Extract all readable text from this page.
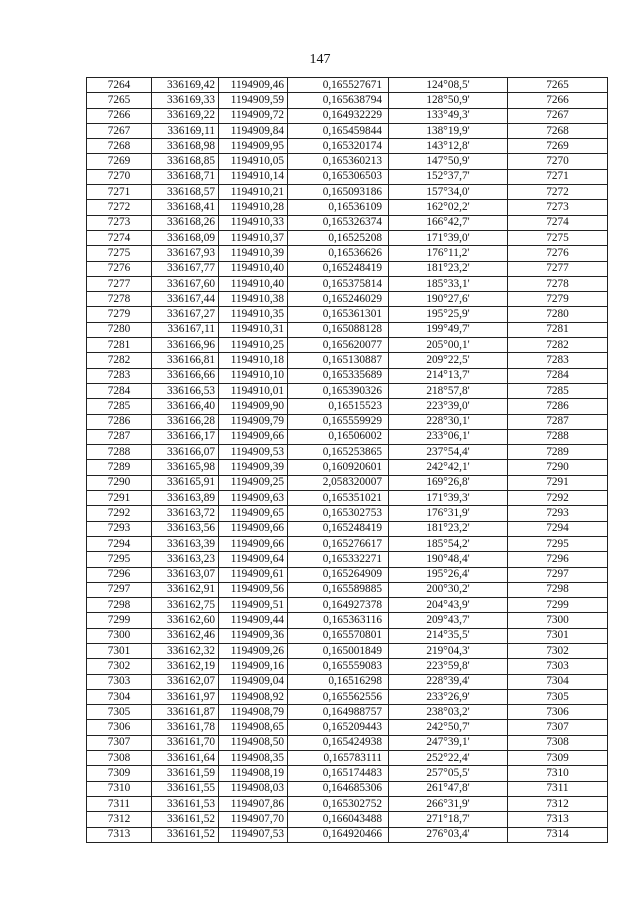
147
7264	336169,42	1194909,46	0,165527671	124°08,5'	7265
7265	336169,33	1194909,59	0,165638794	128°50,9'	7266
7266	336169,22	1194909,72	0,164932229	133°49,3'	7267
7267	336169,11	1194909,84	0,165459844	138°19,9'	7268
7268	336168,98	1194909,95	0,165320174	143°12,8'	7269
7269	336168,85	1194910,05	0,165360213	147°50,9'	7270
7270	336168,71	1194910,14	0,165306503	152°37,7'	7271
7271	336168,57	1194910,21	0,165093186	157°34,0'	7272
7272	336168,41	1194910,28	0,16536109	162°02,2'	7273
7273	336168,26	1194910,33	0,165326374	166°42,7'	7274
7274	336168,09	1194910,37	0,16525208	171°39,0'	7275
7275	336167,93	1194910,39	0,16536626	176°11,2'	7276
7276	336167,77	1194910,40	0,165248419	181°23,2'	7277
7277	336167,60	1194910,40	0,165375814	185°33,1'	7278
7278	336167,44	1194910,38	0,165246029	190°27,6'	7279
7279	336167,27	1194910,35	0,165361301	195°25,9'	7280
7280	336167,11	1194910,31	0,165088128	199°49,7'	7281
7281	336166,96	1194910,25	0,165620077	205°00,1'	7282
7282	336166,81	1194910,18	0,165130887	209°22,5'	7283
7283	336166,66	1194910,10	0,165335689	214°13,7'	7284
7284	336166,53	1194910,01	0,165390326	218°57,8'	7285
7285	336166,40	1194909,90	0,16515523	223°39,0'	7286
7286	336166,28	1194909,79	0,165559929	228°30,1'	7287
7287	336166,17	1194909,66	0,16506002	233°06,1'	7288
7288	336166,07	1194909,53	0,165253865	237°54,4'	7289
7289	336165,98	1194909,39	0,160920601	242°42,1'	7290
7290	336165,91	1194909,25	2,058320007	169°26,8'	7291
7291	336163,89	1194909,63	0,165351021	171°39,3'	7292
7292	336163,72	1194909,65	0,165302753	176°31,9'	7293
7293	336163,56	1194909,66	0,165248419	181°23,2'	7294
7294	336163,39	1194909,66	0,165276617	185°54,2'	7295
7295	336163,23	1194909,64	0,165332271	190°48,4'	7296
7296	336163,07	1194909,61	0,165264909	195°26,4'	7297
7297	336162,91	1194909,56	0,165589885	200°30,2'	7298
7298	336162,75	1194909,51	0,164927378	204°43,9'	7299
7299	336162,60	1194909,44	0,165363116	209°43,7'	7300
7300	336162,46	1194909,36	0,165570801	214°35,5'	7301
7301	336162,32	1194909,26	0,165001849	219°04,3'	7302
7302	336162,19	1194909,16	0,165559083	223°59,8'	7303
7303	336162,07	1194909,04	0,16516298	228°39,4'	7304
7304	336161,97	1194908,92	0,165562556	233°26,9'	7305
7305	336161,87	1194908,79	0,164988757	238°03,2'	7306
7306	336161,78	1194908,65	0,165209443	242°50,7'	7307
7307	336161,70	1194908,50	0,165424938	247°39,1'	7308
7308	336161,64	1194908,35	0,165783111	252°22,4'	7309
7309	336161,59	1194908,19	0,165174483	257°05,5'	7310
7310	336161,55	1194908,03	0,164685306	261°47,8'	7311
7311	336161,53	1194907,86	0,165302752	266°31,9'	7312
7312	336161,52	1194907,70	0,166043488	271°18,7'	7313
7313	336161,52	1194907,53	0,164920466	276°03,4'	7314
